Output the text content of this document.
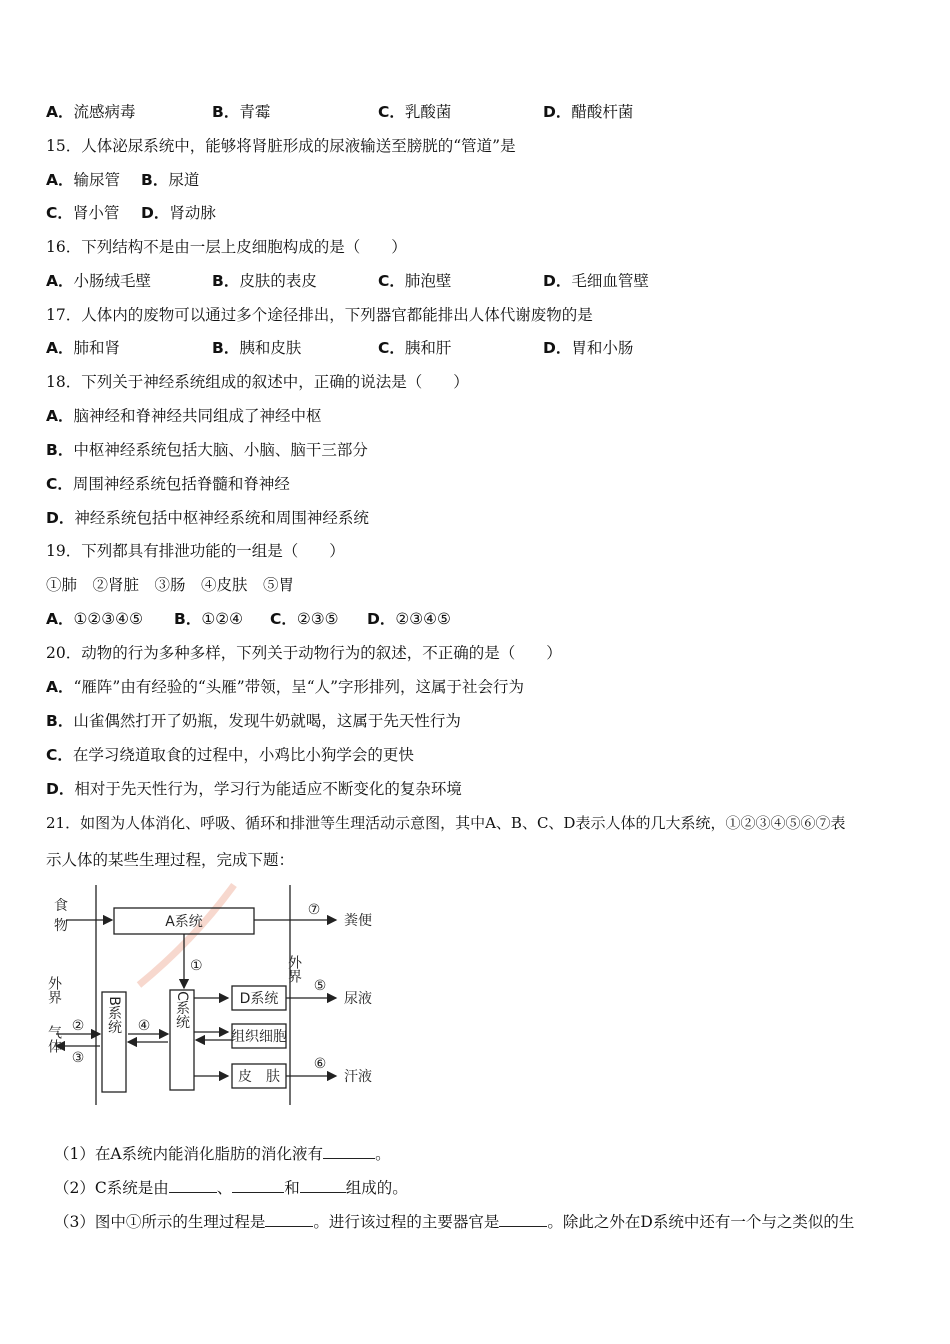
A．流感病毒	B．青霉	C．乳酸菌	D．醋酸杆菌
15．人体泌尿系统中，能够将肾脏形成的尿液输送至膀胱的“管道”是
A．输尿管 B．尿道
C．肾小管 D．肾动脉
16．下列结构不是由一层上皮细胞构成的是（　　）
A．小肠绒毛壁	B．皮肤的表皮	C．肺泡壁	D．毛细血管壁
17．人体内的废物可以通过多个途径排出，下列器官都能排出人体代谢废物的是
A．肺和肾	B．胰和皮肤	C．胰和肝	D．胃和小肠
18．下列关于神经系统组成的叙述中，正确的说法是（　　）
A．脑神经和脊神经共同组成了神经中枢
B．中枢神经系统包括大脑、小脑、脑干三部分
C．周围神经系统包括脊髓和脊神经
D．神经系统包括中枢神经系统和周围神经系统
19．下列都具有排泄功能的一组是（　　）
①肺　②肾脏　③肠　④皮肤　⑤胃
A．①②③④⑤ B．①②④ C．②③⑤ D．②③④⑤
20．动物的行为多种多样，下列关于动物行为的叙述，不正确的是（　　）
A．“雁阵”由有经验的“头雁”带领，呈“人”字形排列，这属于社会行为
B．山雀偶然打开了奶瓶，发现牛奶就喝，这属于先天性行为
C．在学习绕道取食的过程中，小鸡比小狗学会的更快
D．相对于先天性行为，学习行为能适应不断变化的复杂环境
21．如图为人体消化、呼吸、循环和排泄等生理活动示意图，其中A、B、C、D表示人体的几大系统，①②③④⑤⑥⑦表
示人体的某些生理过程，完成下题：
食
物
外界
气体
A系统
⑦
粪便
外界
①
B系统
②
③
④ C系统	D系统
⑤
尿液
组织细胞
皮　肤
⑥
汗液
（1）在A系统内能消化脂肪的消化液有	。
（2）C系统是由	、	和	组成的。
（3）图中①所示的生理过程是	。进行该过程的主要器官是	。除此之外在D系统中还有一个与之类似的生
